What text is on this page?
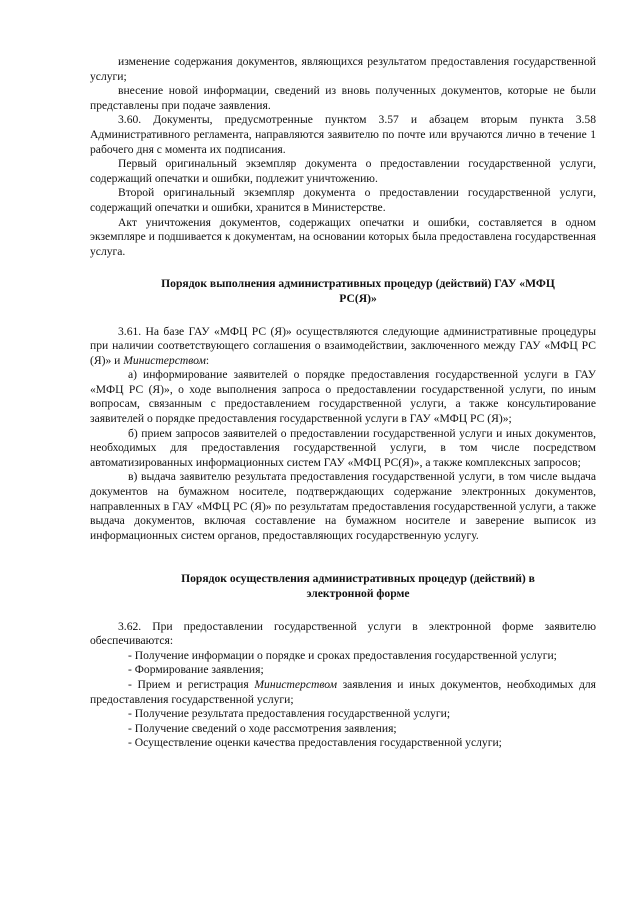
изменение содержания документов, являющихся результатом предоставления государственной услуги;

внесение новой информации, сведений из вновь полученных документов, которые не были представлены при подаче заявления.

3.60. Документы, предусмотренные пунктом 3.57 и абзацем вторым пункта 3.58 Административного регламента, направляются заявителю по почте или вручаются лично в течение 1 рабочего дня с момента их подписания.

Первый оригинальный экземпляр документа о предоставлении государственной услуги, содержащий опечатки и ошибки, подлежит уничтожению.

Второй оригинальный экземпляр документа о предоставлении государственной услуги, содержащий опечатки и ошибки, хранится в Министерстве.

Акт уничтожения документов, содержащих опечатки и ошибки, составляется в одном экземпляре и подшивается к документам, на основании которых была предоставлена государственная услуга.

Порядок выполнения административных процедур (действий) ГАУ «МФЦ РС(Я)»

3.61. На базе ГАУ «МФЦ РС (Я)» осуществляются следующие административные процедуры при наличии соответствующего соглашения о взаимодействии, заключенного между ГАУ «МФЦ РС (Я)» и Министерством:

а) информирование заявителей о порядке предоставления государственной услуги в ГАУ «МФЦ РС (Я)», о ходе выполнения запроса о предоставлении государственной услуги, по иным вопросам, связанным с предоставлением государственной услуги, а также консультирование заявителей о порядке предоставления государственной услуги в ГАУ «МФЦ РС (Я)»;

б) прием запросов заявителей о предоставлении государственной услуги и иных документов, необходимых для предоставления государственной услуги, в том числе посредством автоматизированных информационных систем ГАУ «МФЦ РС(Я)», а также комплексных запросов;

в) выдача заявителю результата предоставления государственной услуги, в том числе выдача документов на бумажном носителе, подтверждающих содержание электронных документов, направленных в ГАУ «МФЦ РС (Я)» по результатам предоставления государственной услуги, а также выдача документов, включая составление на бумажном носителе и заверение выписок из информационных систем органов, предоставляющих государственную услугу.

Порядок осуществления административных процедур (действий) в электронной форме

3.62. При предоставлении государственной услуги в электронной форме заявителю обеспечиваются:

- Получение информации о порядке и сроках предоставления государственной услуги;

- Формирование заявления;

- Прием и регистрация Министерством заявления и иных документов, необходимых для предоставления государственной услуги;

- Получение результата предоставления государственной услуги;

- Получение сведений о ходе рассмотрения заявления;

- Осуществление оценки качества предоставления государственной услуги;
